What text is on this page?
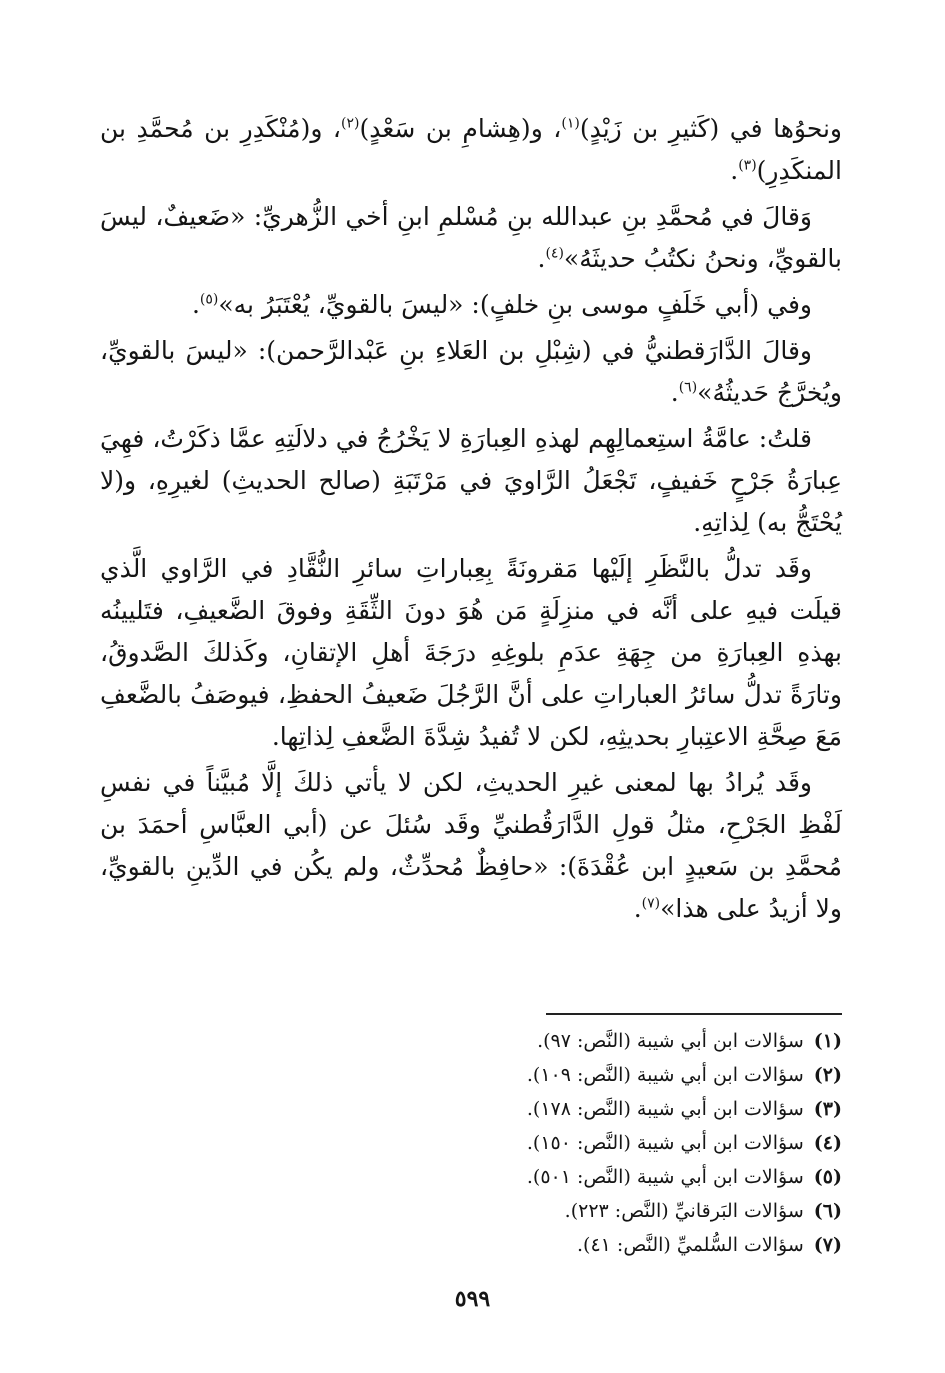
ونحوُها في (كَثيرِ بن زَيْدٍ)$^{(١)}$، و(هِشامِ بن سَعْدٍ)$^{(٢)}$، و(مُنْكَدِرِ بن مُحمَّدِ بن المنكَدِرِ)$^{(٣)}$.

وَقالَ في مُحمَّدِ بنِ عبدالله بنِ مُسْلمِ ابنِ أخي الزُّهريِّ: «ضَعيفٌ، ليسَ بالقويِّ، ونحنُ نكتُبُ حديثَهُ»$^{(٤)}$.

وفي (أبي خَلَفٍ موسى بنِ خلفٍ): «ليسَ بالقويِّ، يُعْتَبَرُ به»$^{(٥)}$.

وقالَ الدَّارَقطنيُّ في (شِبْلِ بن العَلاءِ بنِ عَبْدالرَّحمن): «ليسَ بالقويِّ، ويُخرَّجُ حَديثُهُ»$^{(٦)}$.

قلتُ: عامَّةُ استِعمالِهِم لهذهِ العِبارَةِ لا يَخْرُجُ في دلالَتِهِ عمَّا ذكَرْتُ، فهِيَ عِبارَةُ جَرْحٍ خَفيفٍ، تَجْعَلُ الرَّاويَ في مَرْتَبَةِ (صالح الحديثِ) لغيرِهِ، و(لا يُحْتَجُّ به) لِذاتِهِ.

وقَد تدلُّ بالنَّظَرِ إلَيْها مَقرونَةً بِعِباراتِ سائرِ النُّقَّادِ في الرَّاوي الَّذي قيلَت فيهِ على أنَّه في منزِلَةٍ مَن هُوَ دونَ الثِّقَةِ وفوقَ الضَّعيفِ، فتَليينُه بهذهِ العِبارَةِ من جِهَةِ عدَمِ بلوغِهِ درَجَةَ أهلِ الإتقانِ، وكَذلكَ الصَّدوقُ، وتارَةً تدلُّ سائرُ العباراتِ على أنَّ الرَّجُلَ ضَعيفُ الحفظِ، فيوصَفُ بالضَّعفِ مَعَ صِحَّةِ الاعتِبارِ بحديثِهِ، لكن لا تُفيدُ شِدَّةَ الضَّعفِ لِذاتِها.

وقَد يُرادُ بها لمعنى غيرِ الحديثِ، لكن لا يأتي ذلكَ إلَّا مُبيَّناً في نفسِ لَفْظِ الجَرْحِ، مثلُ قولِ الدَّارَقُطنيِّ وقَد سُئلَ عن (أبي العبَّاسِ أحمَدَ بن مُحمَّدِ بن سَعيدٍ ابن عُقْدَةَ): «حافِظٌ مُحدِّثٌ، ولم يكُن في الدِّينِ بالقويِّ، ولا أزيدُ على هذا»$^{(٧)}$.

(١)سؤالات ابن أبي شيبة (النَّص: ٩٧).
(٢)سؤالات ابن أبي شيبة (النَّص: ١٠٩).
(٣)سؤالات ابن أبي شيبة (النَّص: ١٧٨).
(٤)سؤالات ابن أبي شيبة (النَّص: ١٥٠).
(٥)سؤالات ابن أبي شيبة (النَّص: ٥٠١).
(٦)سؤالات البَرقانيِّ (النَّص: ٢٢٣).
(٧)سؤالات السُّلميِّ (النَّص: ٤١).
٥٩٩
